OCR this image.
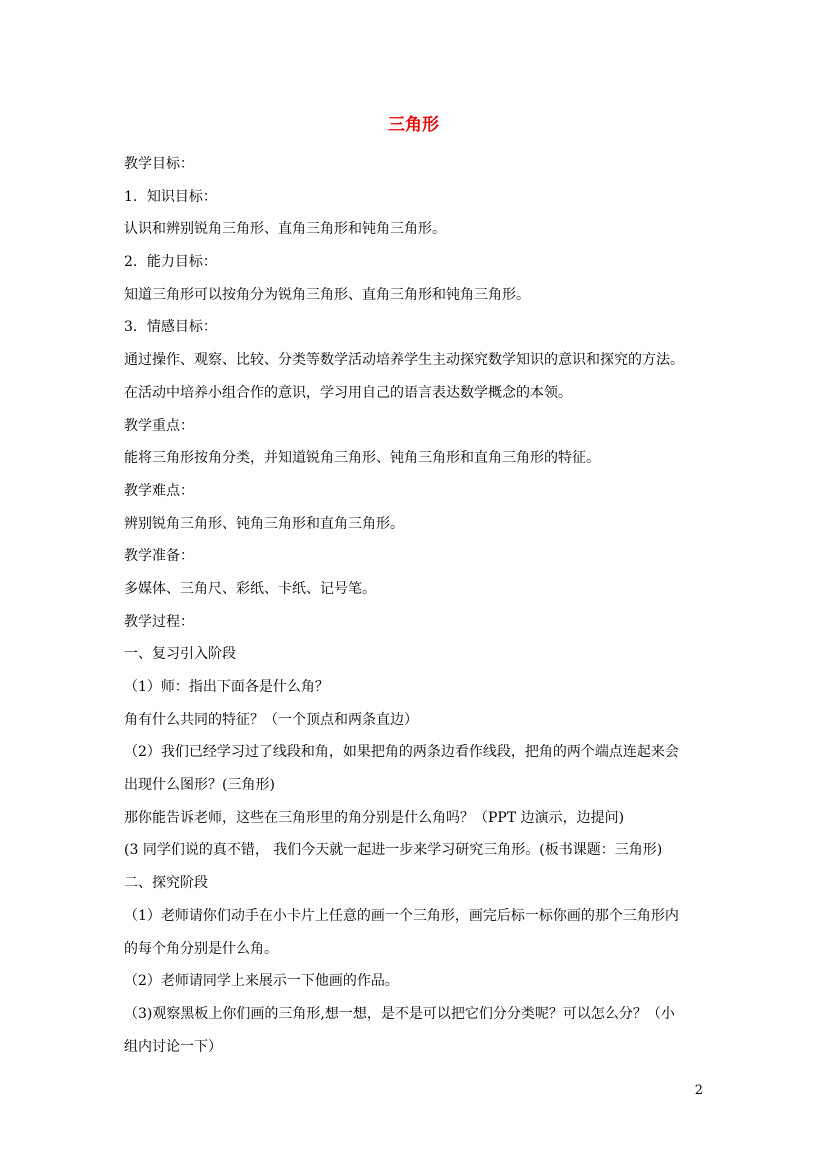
三角形
教学目标：
1．知识目标：
认识和辨别锐角三角形、直角三角形和钝角三角形。
2．能力目标：
知道三角形可以按角分为锐角三角形、直角三角形和钝角三角形。
3．情感目标：
通过操作、观察、比较、分类等数学活动培养学生主动探究数学知识的意识和探究的方法。
在活动中培养小组合作的意识，学习用自己的语言表达数学概念的本领。
教学重点：
能将三角形按角分类，并知道锐角三角形、钝角三角形和直角三角形的特征。
教学难点：
辨别锐角三角形、钝角三角形和直角三角形。
教学准备：
多媒体、三角尺、彩纸、卡纸、记号笔。
教学过程：
一、复习引入阶段
（1）师：指出下面各是什么角？
角有什么共同的特征？（一个顶点和两条直边）
（2）我们已经学习过了线段和角，如果把角的两条边看作线段，把角的两个端点连起来会
出现什么图形？(三角形)
那你能告诉老师，这些在三角形里的角分别是什么角吗？（PPT 边演示，边提问)
(3 同学们说的真不错， 我们今天就一起进一步来学习研究三角形。(板书课题：三角形)
二、探究阶段
（1）老师请你们动手在小卡片上任意的画一个三角形，画完后标一标你画的那个三角形内
的每个角分别是什么角。
（2）老师请同学上来展示一下他画的作品。
（3)观察黑板上你们画的三角形,想一想，是不是可以把它们分分类呢？可以怎么分？（小
组内讨论一下）
2
